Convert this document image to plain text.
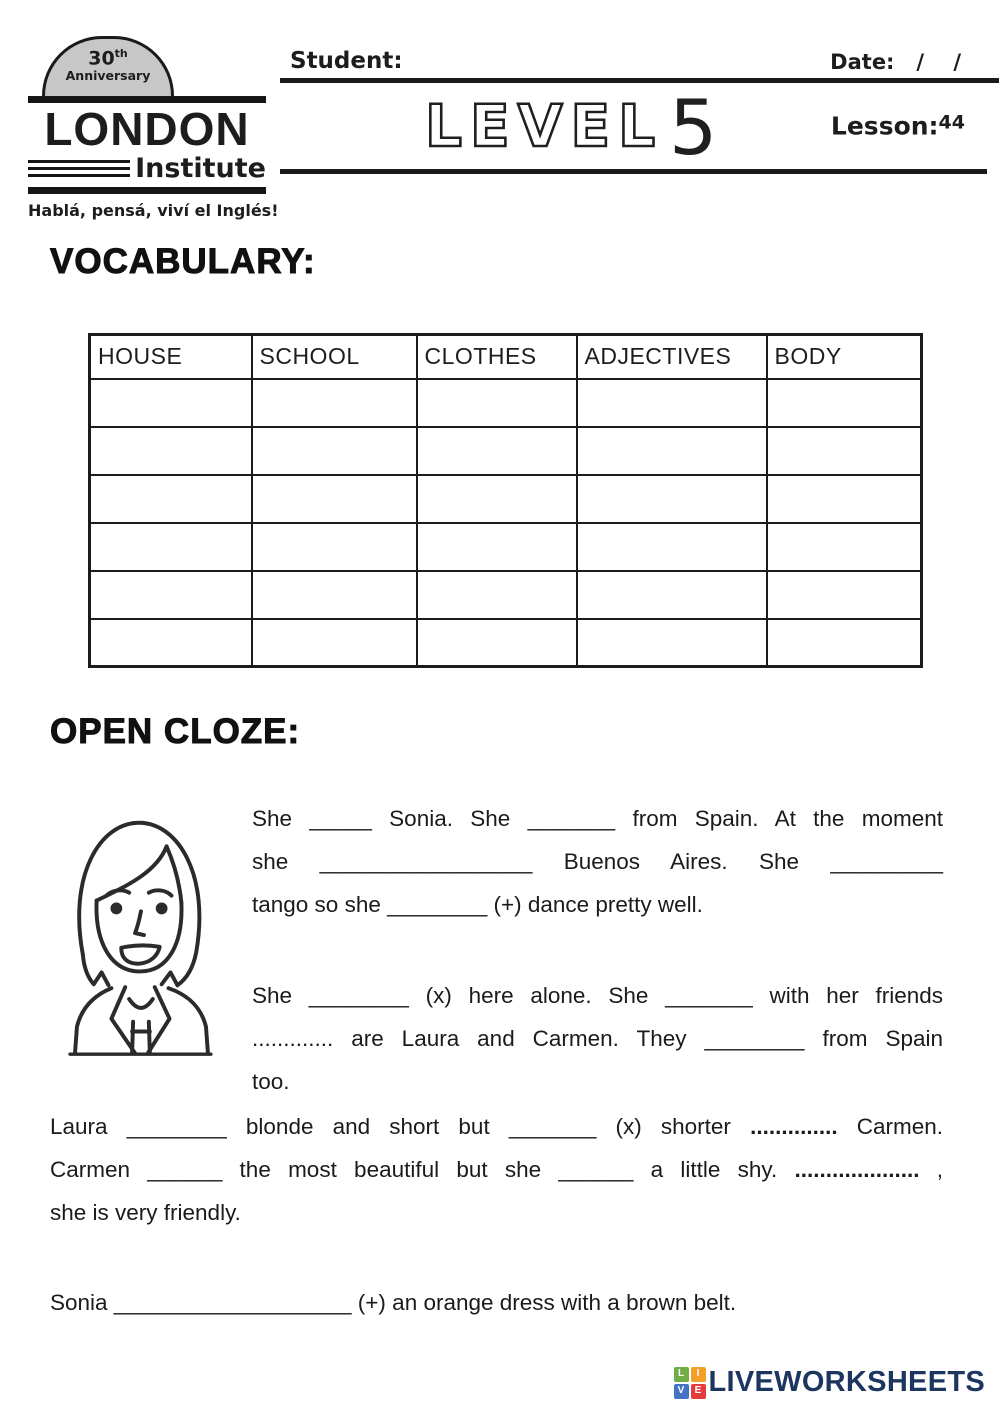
30th
Anniversary
LONDON
Institute
Hablá, pensá, viví el Inglés!
Student:	Date: /    /
LEVEL 5	Lesson:$^{44}$
VOCABULARY:
HOUSE	SCHOOL	CLOTHES	ADJECTIVES	BODY

OPEN CLOZE:

She _____ Sonia. She _______ from Spain. At the moment
she _________________ Buenos Aires. She _________
tango so she ________ (+) dance pretty well.

She ________ (x) here alone. She _______ with her friends
............. are Laura and Carmen. They ________ from Spain
too.

Laura ________ blonde and short but _______ (x) shorter .............. Carmen.
Carmen ______ the most beautiful but she ______ a little shy. .................... ,
she is very friendly.

Sonia ___________________ (+) an orange dress with a brown belt.

L	I
V	E LIVEWORKSHEETS
